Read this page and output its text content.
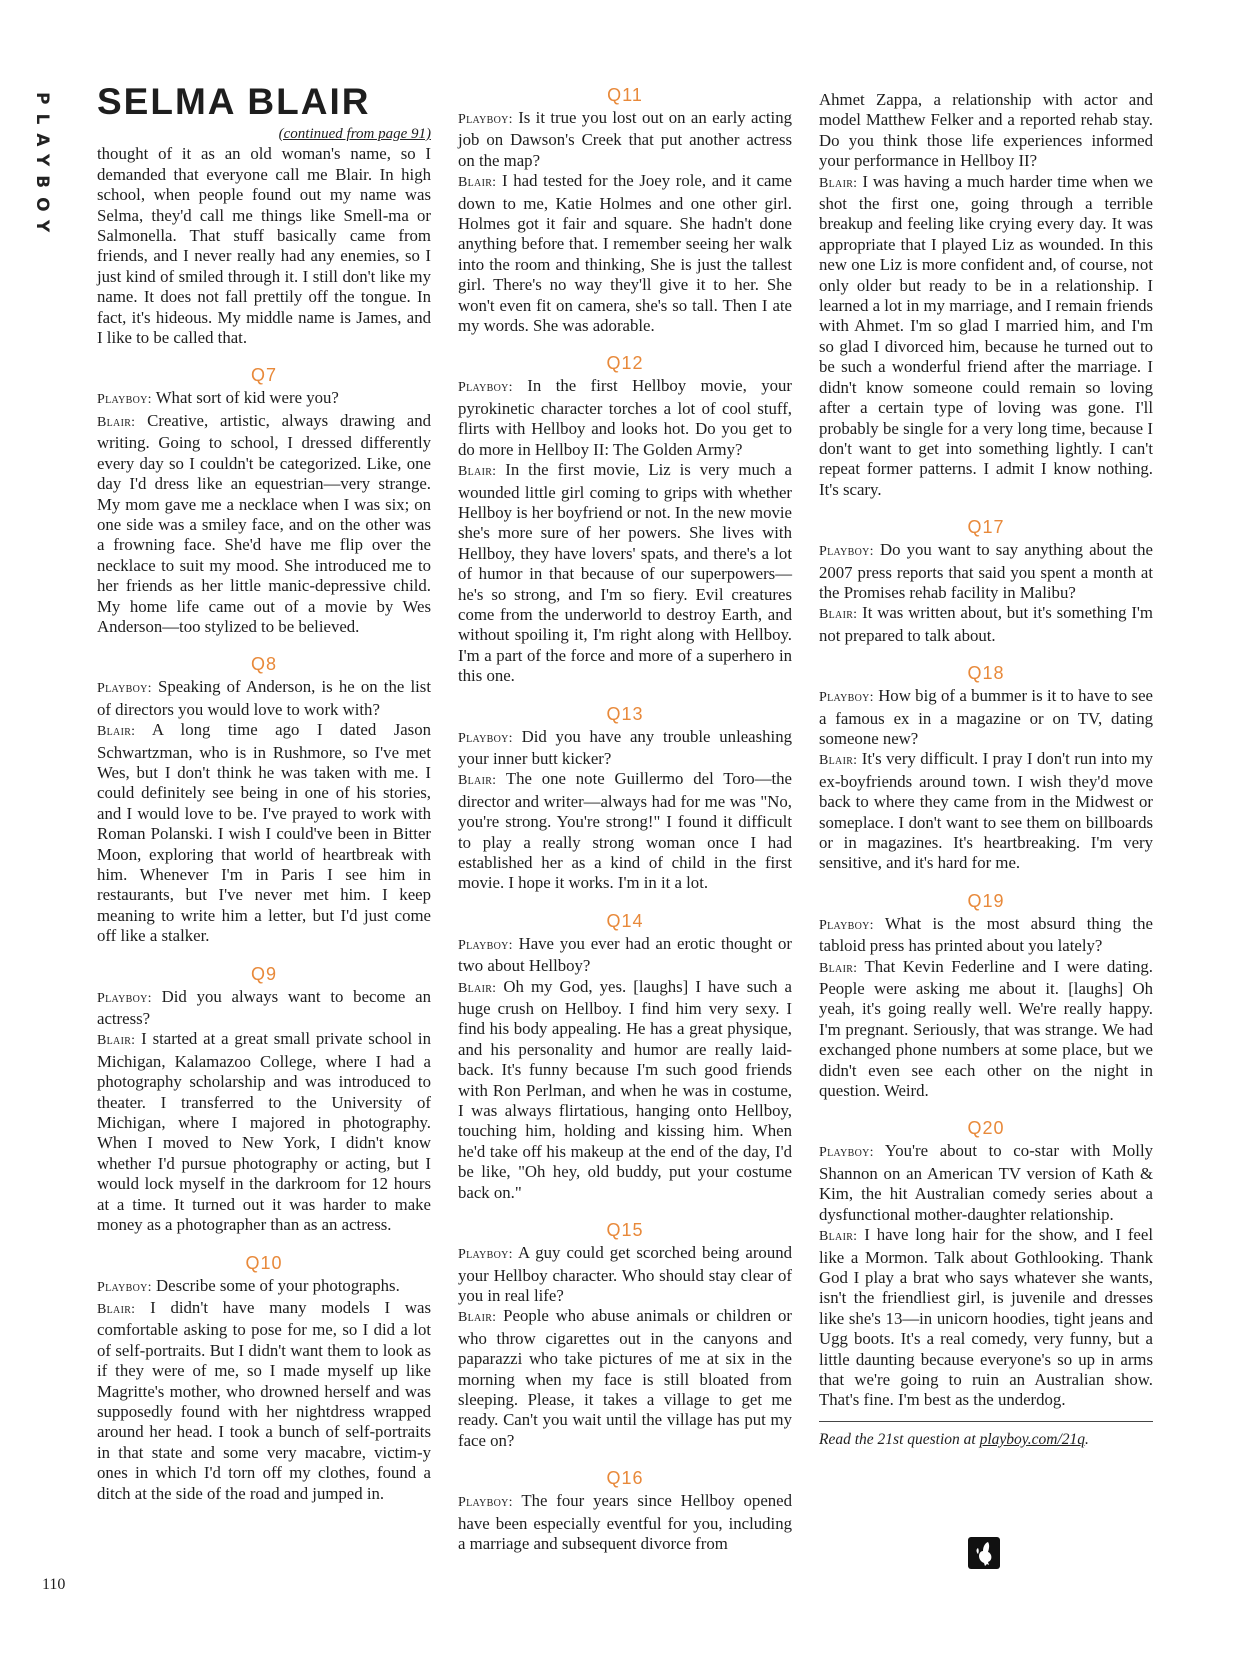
PLAYBOY SELMA BLAIR
(continued from page 91)

thought of it as an old woman's name, so I demanded that everyone call me Blair. In high school, when people found out my name was Selma, they'd call me things like Smell-ma or Salmonella. That stuff basically came from friends, and I never really had any enemies, so I just kind of smiled through it. I still don't like my name. It does not fall prettily off the tongue. In fact, it's hideous. My middle name is James, and I like to be called that.

Q7

Playboy: What sort of kid were you?

Blair: Creative, artistic, always drawing and writing. Going to school, I dressed differently every day so I couldn't be categorized. Like, one day I'd dress like an equestrian—very strange. My mom gave me a necklace when I was six; on one side was a smiley face, and on the other was a frowning face. She'd have me flip over the necklace to suit my mood. She introduced me to her friends as her little manic-depressive child. My home life came out of a movie by Wes Anderson—too stylized to be believed.

Q8

Playboy: Speaking of Anderson, is he on the list of directors you would love to work with?

Blair: A long time ago I dated Jason Schwartzman, who is in Rushmore, so I've met Wes, but I don't think he was taken with me. I could definitely see being in one of his stories, and I would love to be. I've prayed to work with Roman Polanski. I wish I could've been in Bitter Moon, exploring that world of heartbreak with him. Whenever I'm in Paris I see him in restaurants, but I've never met him. I keep meaning to write him a letter, but I'd just come off like a stalker.

Q9

Playboy: Did you always want to become an actress?

Blair: I started at a great small private school in Michigan, Kalamazoo College, where I had a photography scholarship and was introduced to theater. I transferred to the University of Michigan, where I majored in photography. When I moved to New York, I didn't know whether I'd pursue photography or acting, but I would lock myself in the darkroom for 12 hours at a time. It turned out it was harder to make money as a photographer than as an actress.

Q10

Playboy: Describe some of your photographs.

Blair: I didn't have many models I was comfortable asking to pose for me, so I did a lot of self-portraits. But I didn't want them to look as if they were of me, so I made myself up like Magritte's mother, who drowned herself and was supposedly found with her nightdress wrapped around her head. I took a bunch of self-portraits in that state and some very macabre, victim-y ones in which I'd torn off my clothes, found a ditch at the side of the road and jumped in.

Q11

Playboy: Is it true you lost out on an early acting job on Dawson's Creek that put another actress on the map?

Blair: I had tested for the Joey role, and it came down to me, Katie Holmes and one other girl. Holmes got it fair and square. She hadn't done anything before that. I remember seeing her walk into the room and thinking, She is just the tallest girl. There's no way they'll give it to her. She won't even fit on camera, she's so tall. Then I ate my words. She was adorable.

Q12

Playboy: In the first Hellboy movie, your pyrokinetic character torches a lot of cool stuff, flirts with Hellboy and looks hot. Do you get to do more in Hellboy II: The Golden Army?

Blair: In the first movie, Liz is very much a wounded little girl coming to grips with whether Hellboy is her boyfriend or not. In the new movie she's more sure of her powers. She lives with Hellboy, they have lovers' spats, and there's a lot of humor in that because of our superpowers—he's so strong, and I'm so fiery. Evil creatures come from the underworld to destroy Earth, and without spoiling it, I'm right along with Hellboy. I'm a part of the force and more of a superhero in this one.

Q13

Playboy: Did you have any trouble unleashing your inner butt kicker?

Blair: The one note Guillermo del Toro—the director and writer—always had for me was "No, you're strong. You're strong!" I found it difficult to play a really strong woman once I had established her as a kind of child in the first movie. I hope it works. I'm in it a lot.

Q14

Playboy: Have you ever had an erotic thought or two about Hellboy?

Blair: Oh my God, yes. [laughs] I have such a huge crush on Hellboy. I find him very sexy. I find his body appealing. He has a great physique, and his personality and humor are really laid-back. It's funny because I'm such good friends with Ron Perlman, and when he was in costume, I was always flirtatious, hanging onto Hellboy, touching him, holding and kissing him. When he'd take off his makeup at the end of the day, I'd be like, "Oh hey, old buddy, put your costume back on."

Q15

Playboy: A guy could get scorched being around your Hellboy character. Who should stay clear of you in real life?

Blair: People who abuse animals or children or who throw cigarettes out in the canyons and paparazzi who take pictures of me at six in the morning when my face is still bloated from sleeping. Please, it takes a village to get me ready. Can't you wait until the village has put my face on?

Q16

Playboy: The four years since Hellboy opened have been especially eventful for you, including a marriage and subsequent divorce from

Ahmet Zappa, a relationship with actor and model Matthew Felker and a reported rehab stay. Do you think those life experiences informed your performance in Hellboy II?

Blair: I was having a much harder time when we shot the first one, going through a terrible breakup and feeling like crying every day. It was appropriate that I played Liz as wounded. In this new one Liz is more confident and, of course, not only older but ready to be in a relationship. I learned a lot in my marriage, and I remain friends with Ahmet. I'm so glad I married him, and I'm so glad I divorced him, because he turned out to be such a wonderful friend after the marriage. I didn't know someone could remain so loving after a certain type of loving was gone. I'll probably be single for a very long time, because I don't want to get into something lightly. I can't repeat former patterns. I admit I know nothing. It's scary.

Q17

Playboy: Do you want to say anything about the 2007 press reports that said you spent a month at the Promises rehab facility in Malibu?

Blair: It was written about, but it's something I'm not prepared to talk about.

Q18

Playboy: How big of a bummer is it to have to see a famous ex in a magazine or on TV, dating someone new?

Blair: It's very difficult. I pray I don't run into my ex-boyfriends around town. I wish they'd move back to where they came from in the Midwest or someplace. I don't want to see them on billboards or in magazines. It's heartbreaking. I'm very sensitive, and it's hard for me.

Q19

Playboy: What is the most absurd thing the tabloid press has printed about you lately?

Blair: That Kevin Federline and I were dating. People were asking me about it. [laughs] Oh yeah, it's going really well. We're really happy. I'm pregnant. Seriously, that was strange. We had exchanged phone numbers at some place, but we didn't even see each other on the night in question. Weird.

Q20

Playboy: You're about to co-star with Molly Shannon on an American TV version of Kath & Kim, the hit Australian comedy series about a dysfunctional mother-daughter relationship.

Blair: I have long hair for the show, and I feel like a Mormon. Talk about Gothlooking. Thank God I play a brat who says whatever she wants, isn't the friendliest girl, is juvenile and dresses like she's 13—in unicorn hoodies, tight jeans and Ugg boots. It's a real comedy, very funny, but a little daunting because everyone's so up in arms that we're going to ruin an Australian show. That's fine. I'm best as the underdog.

Read the 21st question at playboy.com/21q.
110
